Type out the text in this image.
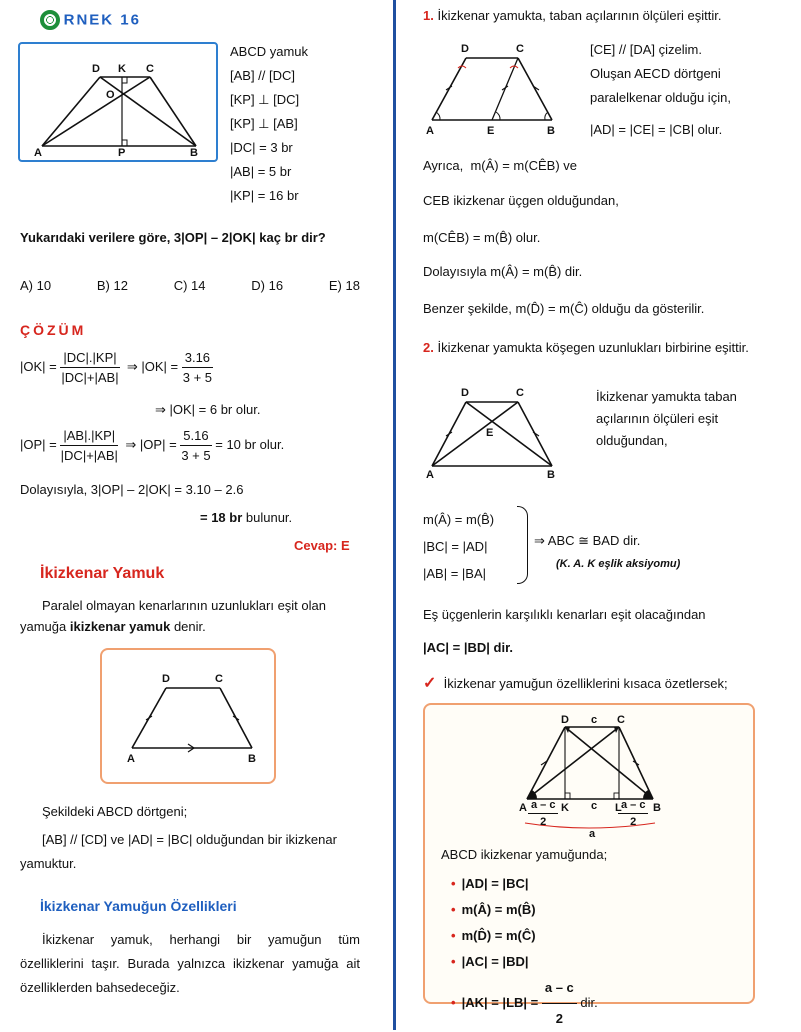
RNEK 16
D K C
O
A	P	B
ABCD yamuk
[AB] // [DC]
[KP] ⊥ [DC]
[KP] ⊥ [AB]
|DC| = 3 br
|AB| = 5 br
|KP| = 16 br
Yukarıdaki verilere göre, 3|OP| – 2|OK| kaç br dir?
A) 10	B) 12	C) 14	D) 16	E) 18
ÇÖZÜM
$|OK| = \frac{|DC|.|KP|}{|DC|+|AB|}$ ⇒ $|OK| = \frac{3.16}{3 + 5}$
⇒ |OK| = 6 br olur.
$|OP| = \frac{|AB|.|KP|}{|DC|+|AB|}$ ⇒ $|OP| = \frac{5.16}{3 + 5} = 10$ br olur.
Dolayısıyla, 3|OP| – 2|OK| = 3.10 – 2.6
= 18 br bulunur.
Cevap: E
İkizkenar Yamuk
Paralel olmayan kenarlarının uzunlukları eşit olan yamuğa ikizkenar yamuk denir.
D	C
A	B
Şekildeki ABCD dörtgeni;
[AB] // [CD] ve |AD| = |BC| olduğundan bir ikizkenar yamuktur.
İkizkenar Yamuğun Özellikleri
İkizkenar yamuk, herhangi bir yamuğun tüm özelliklerini taşır. Burada yalnızca ikizkenar yamuğa ait özelliklerden bahsedeceğiz.
1. İkizkenar yamukta, taban açılarının ölçüleri eşittir.
D	C
A	E	B
[CE] // [DA] çizelim.
Oluşan AECD dörtgeni
paralelkenar olduğu için,
|AD| = |CE| = |CB| olur.
Ayrıca, m(Â) = m(CÊB) ve
CEB ikizkenar üçgen olduğundan,
m(CÊB) = m(B̂) olur.
Dolayısıyla m(Â) = m(B̂) dir.
Benzer şekilde, m(D̂) = m(Ĉ) olduğu da gösterilir.
2. İkizkenar yamukta köşegen uzunlukları birbirine eşittir.
D	C
E
A	B
İkizkenar yamukta taban açılarının ölçüleri eşit olduğundan,
m(Â) = m(B̂)
|BC| = |AD|
|AB| = |BA|
⇒ ABC ≅ BAD dir.
(K. A. K eşlik aksiyomu)
Eş üçgenlerin karşılıklı kenarları eşit olacağından
|AC| = |BD| dir.
✓ İkizkenar yamuğun özelliklerini kısaca özetlersek;
D c C
A	K c L	B
a
$\frac{a - c}{2}$	$\frac{a - c}{2}$
ABCD ikizkenar yamuğunda;
• |AD| = |BC|
• m(Â) = m(B̂)
• m(D̂) = m(Ĉ)
• |AC| = |BD|
• $|AK| = |LB| = \frac{a - c}{2}$ dir.
